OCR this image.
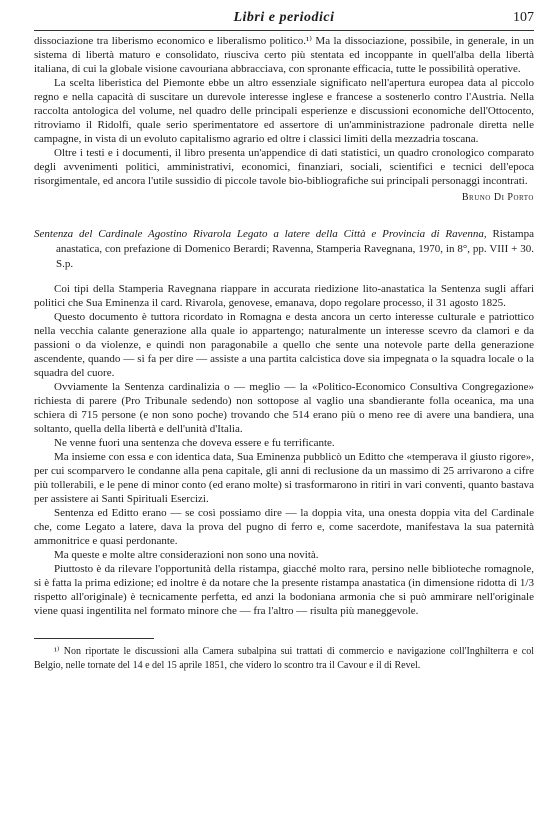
Libri e periodici	107

dissociazione tra liberismo economico e liberalismo politico.¹⁾ Ma la dissociazione, possibile, in generale, in un sistema di libertà maturo e consolidato, riusciva certo più stentata ed incoppante in quell'alba della libertà italiana, di cui la globale visione cavouriana abbracciava, con spronante efficacia, tutte le possibilità operative.

La scelta liberistica del Piemonte ebbe un altro essenziale significato nell'apertura europea data al piccolo regno e nella capacità di suscitare un durevole interesse inglese e francese a sostenerlo contro l'Austria. Nella raccolta antologica del volume, nel quadro delle principali esperienze e discussioni economiche dell'Ottocento, ritroviamo il Ridolfi, quale serio sperimentatore ed assertore di un'amministrazione padronale diretta nelle campagne, in vista di un evoluto capitalismo agrario ed oltre i classici limiti della mezzadria toscana.

Oltre i testi e i documenti, il libro presenta un'appendice di dati statistici, un quadro cronologico comparato degli avvenimenti politici, amministrativi, economici, finanziari, sociali, scientifici e tecnici dell'epoca risorgimentale, ed ancora l'utile sussidio di piccole tavole bio-bibliografiche sui principali personaggi incontrati.

Bruno Di Porto

Sentenza del Cardinale Agostino Rivarola Legato a latere della Città e Provincia di Ravenna, Ristampa anastatica, con prefazione di Domenico Berardi; Ravenna, Stamperia Ravegnana, 1970, in 8°, pp. VIII + 30. S.p.

Coi tipi della Stamperia Ravegnana riappare in accurata riedizione lito-anastatica la Sentenza sugli affari politici che Sua Eminenza il card. Rivarola, genovese, emanava, dopo regolare processo, il 31 agosto 1825.

Questo documento è tuttora ricordato in Romagna e desta ancora un certo interesse culturale e patriottico nella vecchia calante generazione alla quale io appartengo; naturalmente un interesse scevro da clamori e da passioni o da violenze, e quindi non paragonabile a quello che sente una notevole parte della generazione ascendente, quando — si fa per dire — assiste a una partita calcistica dove sia impegnata o la squadra locale o la squadra del cuore.

Ovviamente la Sentenza cardinalizia o — meglio — la «Politico-Economico Consultiva Congregazione» richiesta di parere (Pro Tribunale sedendo) non sottopose al vaglio una sbandierante folla oceanica, ma una schiera di 715 persone (e non sono poche) trovando che 514 erano più o meno ree di avere una bandiera, una soltanto, quella della libertà e dell'unità d'Italia.

Ne venne fuori una sentenza che doveva essere e fu terrificante.

Ma insieme con essa e con identica data, Sua Eminenza pubblicò un Editto che «temperava il giusto rigore», per cui scomparvero le condanne alla pena capitale, gli anni di reclusione da un massimo di 25 arrivarono a cifre più tollerabili, e le pene di minor conto (ed erano molte) si trasformarono in ritiri in vari conventi, quanto bastava per assistere ai Santi Spirituali Esercizi.

Sentenza ed Editto erano — se così possiamo dire — la doppia vita, una onesta doppia vita del Cardinale che, come Legato a latere, dava la prova del pugno di ferro e, come sacerdote, manifestava la sua paternità ammonitrice e quasi perdonante.

Ma queste e molte altre considerazioni non sono una novità.

Piuttosto è da rilevare l'opportunità della ristampa, giacché molto rara, persino nelle biblioteche romagnole, si è fatta la prima edizione; ed inoltre è da notare che la presente ristampa anastatica (in dimensione ridotta di 1/3 rispetto all'originale) è tecnicamente perfetta, ed anzi la bodoniana armonia che si può ammirare nell'originale viene quasi ingentilita nel formato minore che — fra l'altro — risulta più maneggevole.

¹⁾ Non riportate le discussioni alla Camera subalpina sui trattati di commercio e navigazione coll'Inghilterra e col Belgio, nelle tornate del 14 e del 15 aprile 1851, che videro lo scontro tra il Cavour e il di Revel.
